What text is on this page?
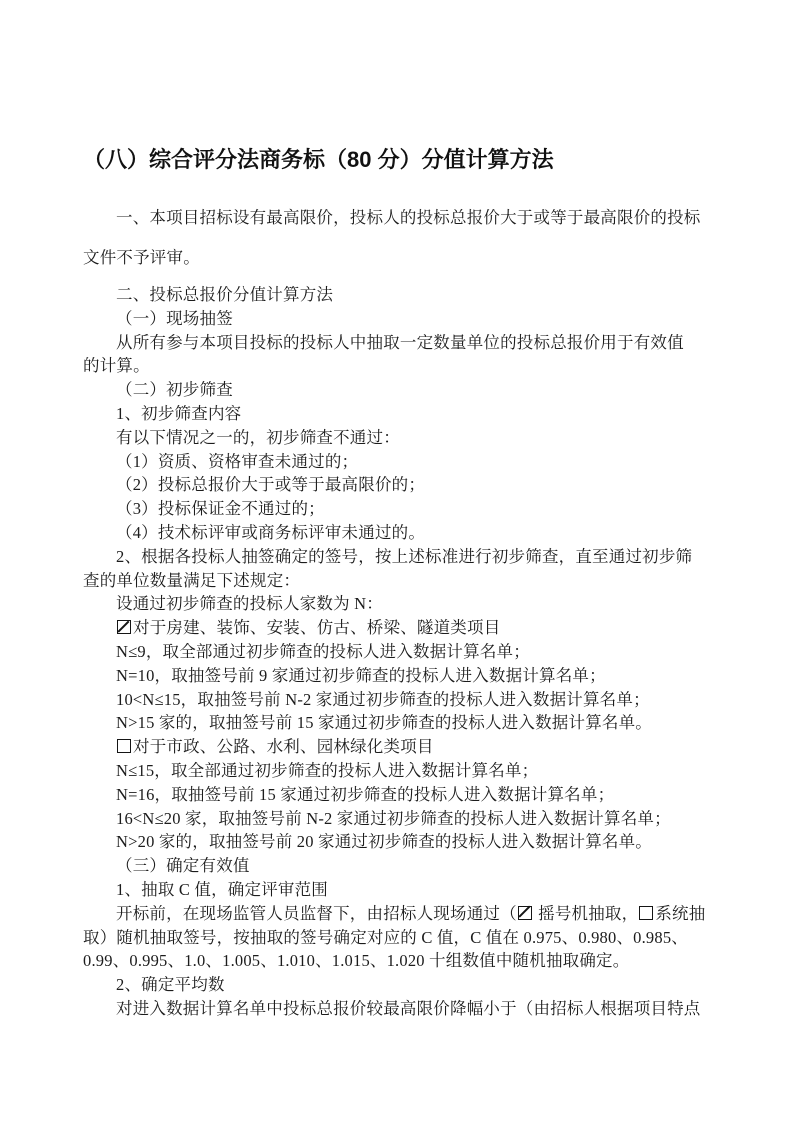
（八）综合评分法商务标（80 分）分值计算方法
一、本项目招标设有最高限价，投标人的投标总报价大于或等于最高限价的投标
文件不予评审。
二、投标总报价分值计算方法
（一）现场抽签
从所有参与本项目投标的投标人中抽取一定数量单位的投标总报价用于有效值
的计算。
（二）初步筛查
1、初步筛查内容
有以下情况之一的，初步筛查不通过：
（1）资质、资格审查未通过的；
（2）投标总报价大于或等于最高限价的；
（3）投标保证金不通过的；
（4）技术标评审或商务标评审未通过的。
2、根据各投标人抽签确定的签号，按上述标准进行初步筛查，直至通过初步筛
查的单位数量满足下述规定：
设通过初步筛查的投标人家数为 N：
对于房建、装饰、安装、仿古、桥梁、隧道类项目
N≤9，取全部通过初步筛查的投标人进入数据计算名单；
N=10，取抽签号前 9 家通过初步筛查的投标人进入数据计算名单；
10<N≤15，取抽签号前 N-2 家通过初步筛查的投标人进入数据计算名单；
N>15 家的，取抽签号前 15 家通过初步筛查的投标人进入数据计算名单。
对于市政、公路、水利、园林绿化类项目
N≤15，取全部通过初步筛查的投标人进入数据计算名单；
N=16，取抽签号前 15 家通过初步筛查的投标人进入数据计算名单；
16<N≤20 家，取抽签号前 N-2 家通过初步筛查的投标人进入数据计算名单；
N>20 家的，取抽签号前 20 家通过初步筛查的投标人进入数据计算名单。
（三）确定有效值
1、抽取 C 值，确定评审范围
开标前，在现场监管人员监督下，由招标人现场通过（
摇号机抽取， 系统抽
取）随机抽取签号，按抽取的签号确定对应的 C 值，C 值在 0.975、0.980、0.985、
0.99、0.995、1.0、1.005、1.010、1.015、1.020 十组数值中随机抽取确定。
2、确定平均数
对进入数据计算名单中投标总报价较最高限价降幅小于（由招标人根据项目特点
